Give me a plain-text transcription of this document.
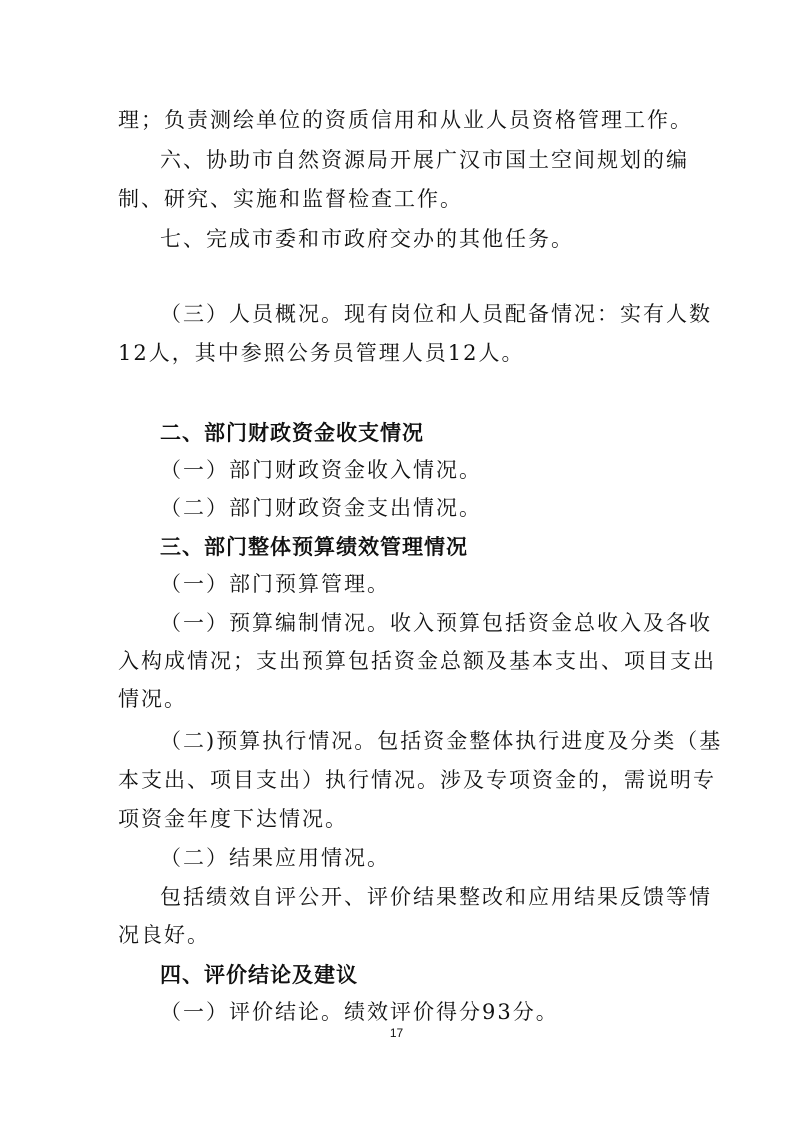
理；负责测绘单位的资质信用和从业人员资格管理工作。
六、协助市自然资源局开展广汉市国土空间规划的编
制、研究、实施和监督检查工作。
七、完成市委和市政府交办的其他任务。
（三）人员概况。现有岗位和人员配备情况：实有人数
12人，其中参照公务员管理人员12人。
二、部门财政资金收支情况
（一）部门财政资金收入情况。
（二）部门财政资金支出情况。
三、部门整体预算绩效管理情况
（一）部门预算管理。
（一）预算编制情况。收入预算包括资金总收入及各收
入构成情况；支出预算包括资金总额及基本支出、项目支出
情况。
（二)预算执行情况。包括资金整体执行进度及分类（基
本支出、项目支出）执行情况。涉及专项资金的，需说明专
项资金年度下达情况。
（二）结果应用情况。
包括绩效自评公开、评价结果整改和应用结果反馈等情
况良好。
四、评价结论及建议
（一）评价结论。绩效评价得分93分。
17
